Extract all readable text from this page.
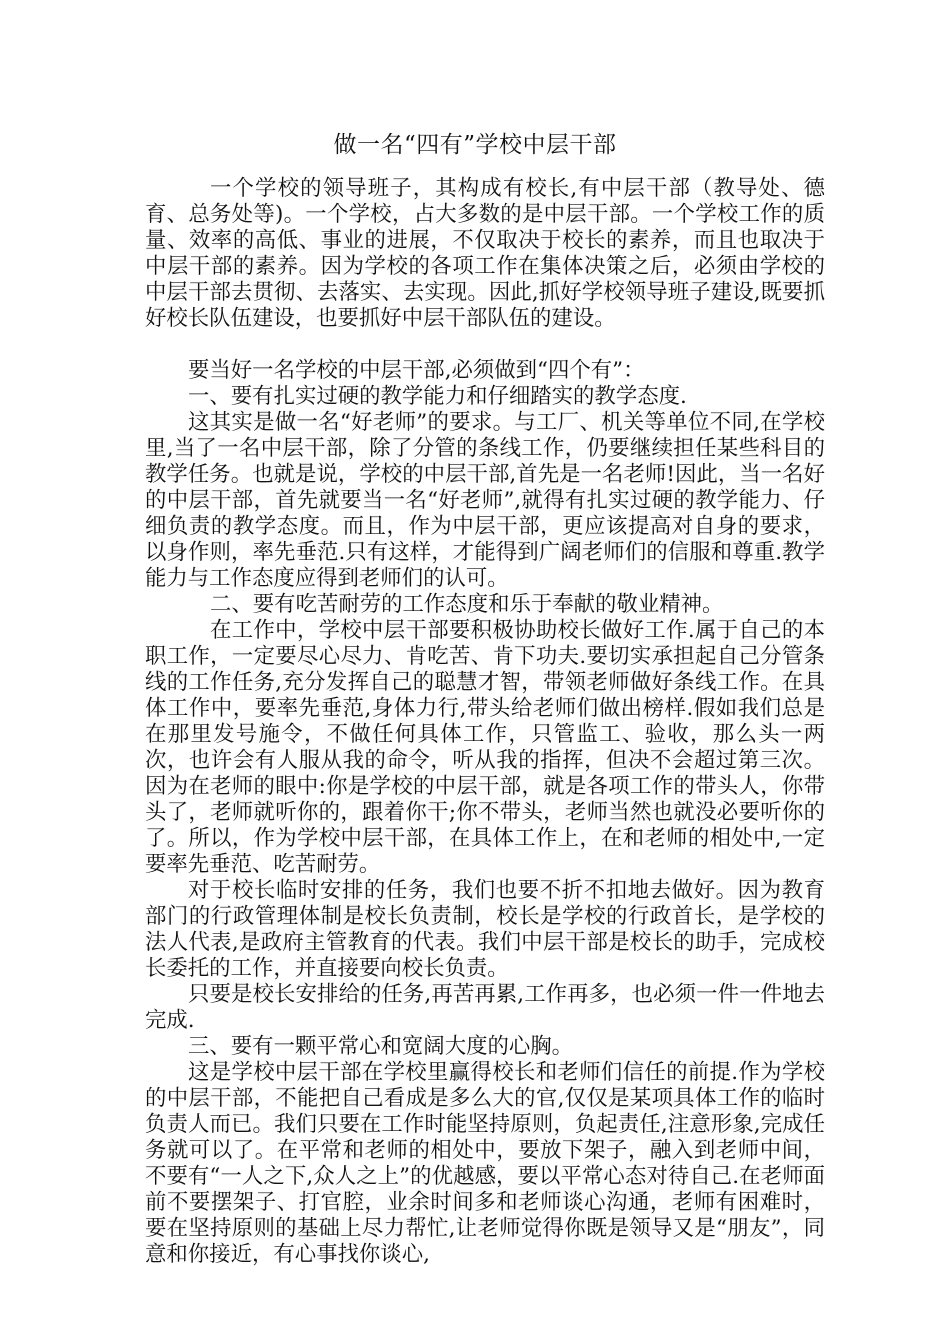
做一名“四有”学校中层干部

一个学校的领导班子，其构成有校长,有中层干部（教导处、德育、总务处等)。一个学校，占大多数的是中层干部。一个学校工作的质量、效率的高低、事业的进展，不仅取决于校长的素养，而且也取决于中层干部的素养。因为学校的各项工作在集体决策之后，必须由学校的中层干部去贯彻、去落实、去实现。因此,抓好学校领导班子建设,既要抓好校长队伍建设，也要抓好中层干部队伍的建设。

要当好一名学校的中层干部,必须做到“四个有”：

一、要有扎实过硬的教学能力和仔细踏实的教学态度.

这其实是做一名“好老师”的要求。与工厂、机关等单位不同,在学校里,当了一名中层干部，除了分管的条线工作，仍要继续担任某些科目的教学任务。也就是说，学校的中层干部,首先是一名老师!因此，当一名好的中层干部，首先就要当一名“好老师”,就得有扎实过硬的教学能力、仔细负责的教学态度。而且，作为中层干部，更应该提高对自身的要求，以身作则，率先垂范.只有这样，才能得到广阔老师们的信服和尊重.教学能力与工作态度应得到老师们的认可。

二、要有吃苦耐劳的工作态度和乐于奉献的敬业精神。

在工作中，学校中层干部要积极协助校长做好工作.属于自己的本职工作，一定要尽心尽力、肯吃苦、肯下功夫.要切实承担起自己分管条线的工作任务,充分发挥自己的聪慧才智，带领老师做好条线工作。在具体工作中，要率先垂范,身体力行,带头给老师们做出榜样.假如我们总是在那里发号施令，不做任何具体工作，只管监工、验收，那么头一两次，也许会有人服从我的命令，听从我的指挥，但决不会超过第三次。因为在老师的眼中:你是学校的中层干部，就是各项工作的带头人，你带头了，老师就听你的，跟着你干;你不带头，老师当然也就没必要听你的了。所以，作为学校中层干部，在具体工作上，在和老师的相处中,一定要率先垂范、吃苦耐劳。

对于校长临时安排的任务，我们也要不折不扣地去做好。因为教育部门的行政管理体制是校长负责制，校长是学校的行政首长，是学校的法人代表,是政府主管教育的代表。我们中层干部是校长的助手，完成校长委托的工作，并直接要向校长负责。

只要是校长安排给的任务,再苦再累,工作再多，也必须一件一件地去完成.

三、要有一颗平常心和宽阔大度的心胸。

这是学校中层干部在学校里赢得校长和老师们信任的前提.作为学校的中层干部，不能把自己看成是多么大的官,仅仅是某项具体工作的临时负责人而已。我们只要在工作时能坚持原则，负起责任,注意形象,完成任务就可以了。在平常和老师的相处中，要放下架子，融入到老师中间，不要有“一人之下,众人之上”的优越感，要以平常心态对待自己.在老师面前不要摆架子、打官腔，业余时间多和老师谈心沟通，老师有困难时，要在坚持原则的基础上尽力帮忙,让老师觉得你既是领导又是“朋友”，同意和你接近，有心事找你谈心,
